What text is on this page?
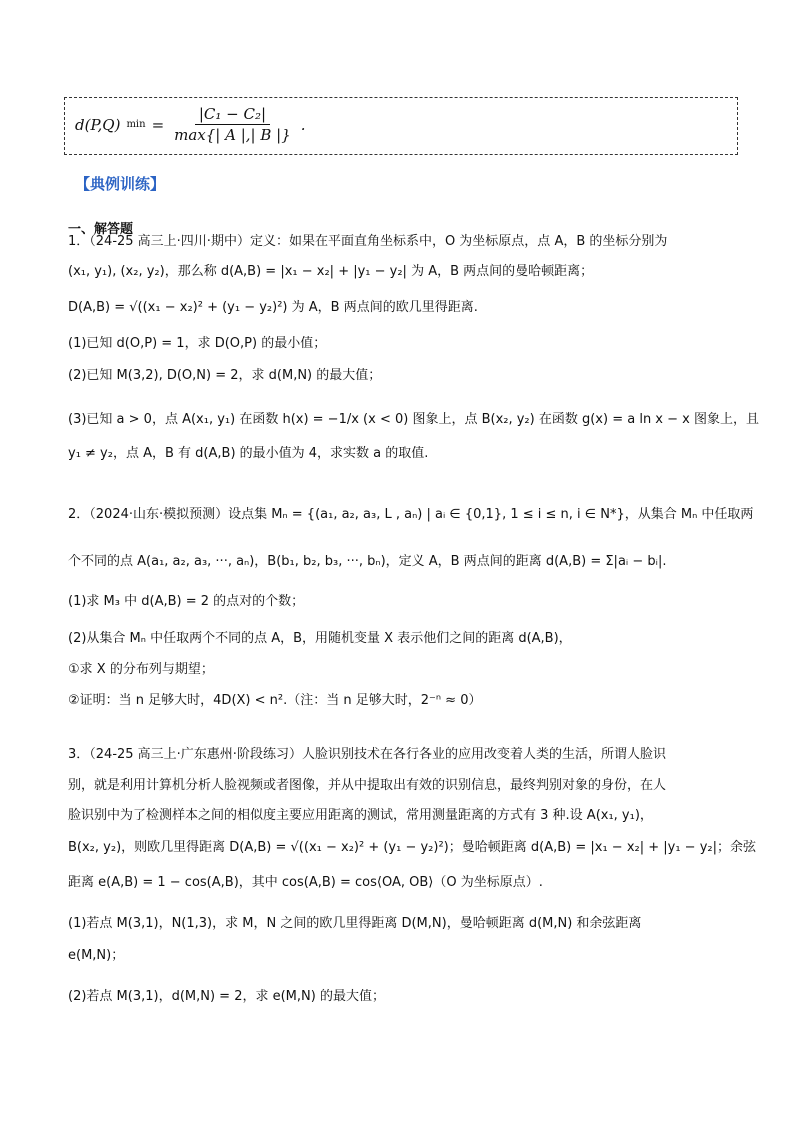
d(P,Q) $\min = \frac{\text{|C₁ − C₂|}}{\max\{| A |,| B |\}}$ .
【典例训练】
一、解答题
1．（24-25 高三上·四川·期中）定义：如果在平面直角坐标系中，O 为坐标原点，点 A，B 的坐标分别为
(x₁, y₁), (x₂, y₂)，那么称 d(A,B) = |x₁ − x₂| + |y₁ − y₂| 为 A，B 两点间的曼哈顿距离；
D(A,B) = √((x₁ − x₂)² + (y₁ − y₂)²) 为 A，B 两点间的欧几里得距离.
(1)已知 d(O,P) = 1，求 D(O,P) 的最小值；
(2)已知 M(3,2), D(O,N) = 2，求 d(M,N) 的最大值；
(3)已知 a > 0，点 A(x₁, y₁) 在函数 h(x) = −1/x (x < 0) 图象上，点 B(x₂, y₂) 在函数 g(x) = a ln x − x 图象上，且
y₁ ≠ y₂，点 A，B 有 d(A,B) 的最小值为 4，求实数 a 的取值.
2．（2024·山东·模拟预测）设点集 Mₙ = {(a₁, a₂, a₃, L , aₙ) | aᵢ ∈ {0,1}, 1 ≤ i ≤ n, i ∈ N*}，从集合 Mₙ 中任取两
个不同的点 A(a₁, a₂, a₃, ···, aₙ)，B(b₁, b₂, b₃, ···, bₙ)，定义 A，B 两点间的距离 d(A,B) = Σ|aᵢ − bᵢ|.
(1)求 M₃ 中 d(A,B) = 2 的点对的个数；
(2)从集合 Mₙ 中任取两个不同的点 A，B，用随机变量 X 表示他们之间的距离 d(A,B)，
①求 X 的分布列与期望；
②证明：当 n 足够大时，4D(X) < n².（注：当 n 足够大时，2⁻ⁿ ≈ 0）
3．（24-25 高三上·广东惠州·阶段练习）人脸识别技术在各行各业的应用改变着人类的生活，所谓人脸识
别，就是利用计算机分析人脸视频或者图像，并从中提取出有效的识别信息，最终判别对象的身份，在人
脸识别中为了检测样本之间的相似度主要应用距离的测试，常用测量距离的方式有 3 种.设 A(x₁, y₁)，
B(x₂, y₂)，则欧几里得距离 D(A,B) = √((x₁ − x₂)² + (y₁ − y₂)²)；曼哈顿距离 d(A,B) = |x₁ − x₂| + |y₁ − y₂|；余弦
距离 e(A,B) = 1 − cos(A,B)，其中 cos(A,B) = cos⟨OA, OB⟩（O 为坐标原点）.
(1)若点 M(3,1)，N(1,3)，求 M，N 之间的欧几里得距离 D(M,N)，曼哈顿距离 d(M,N) 和余弦距离
e(M,N)；
(2)若点 M(3,1)，d(M,N) = 2，求 e(M,N) 的最大值；
